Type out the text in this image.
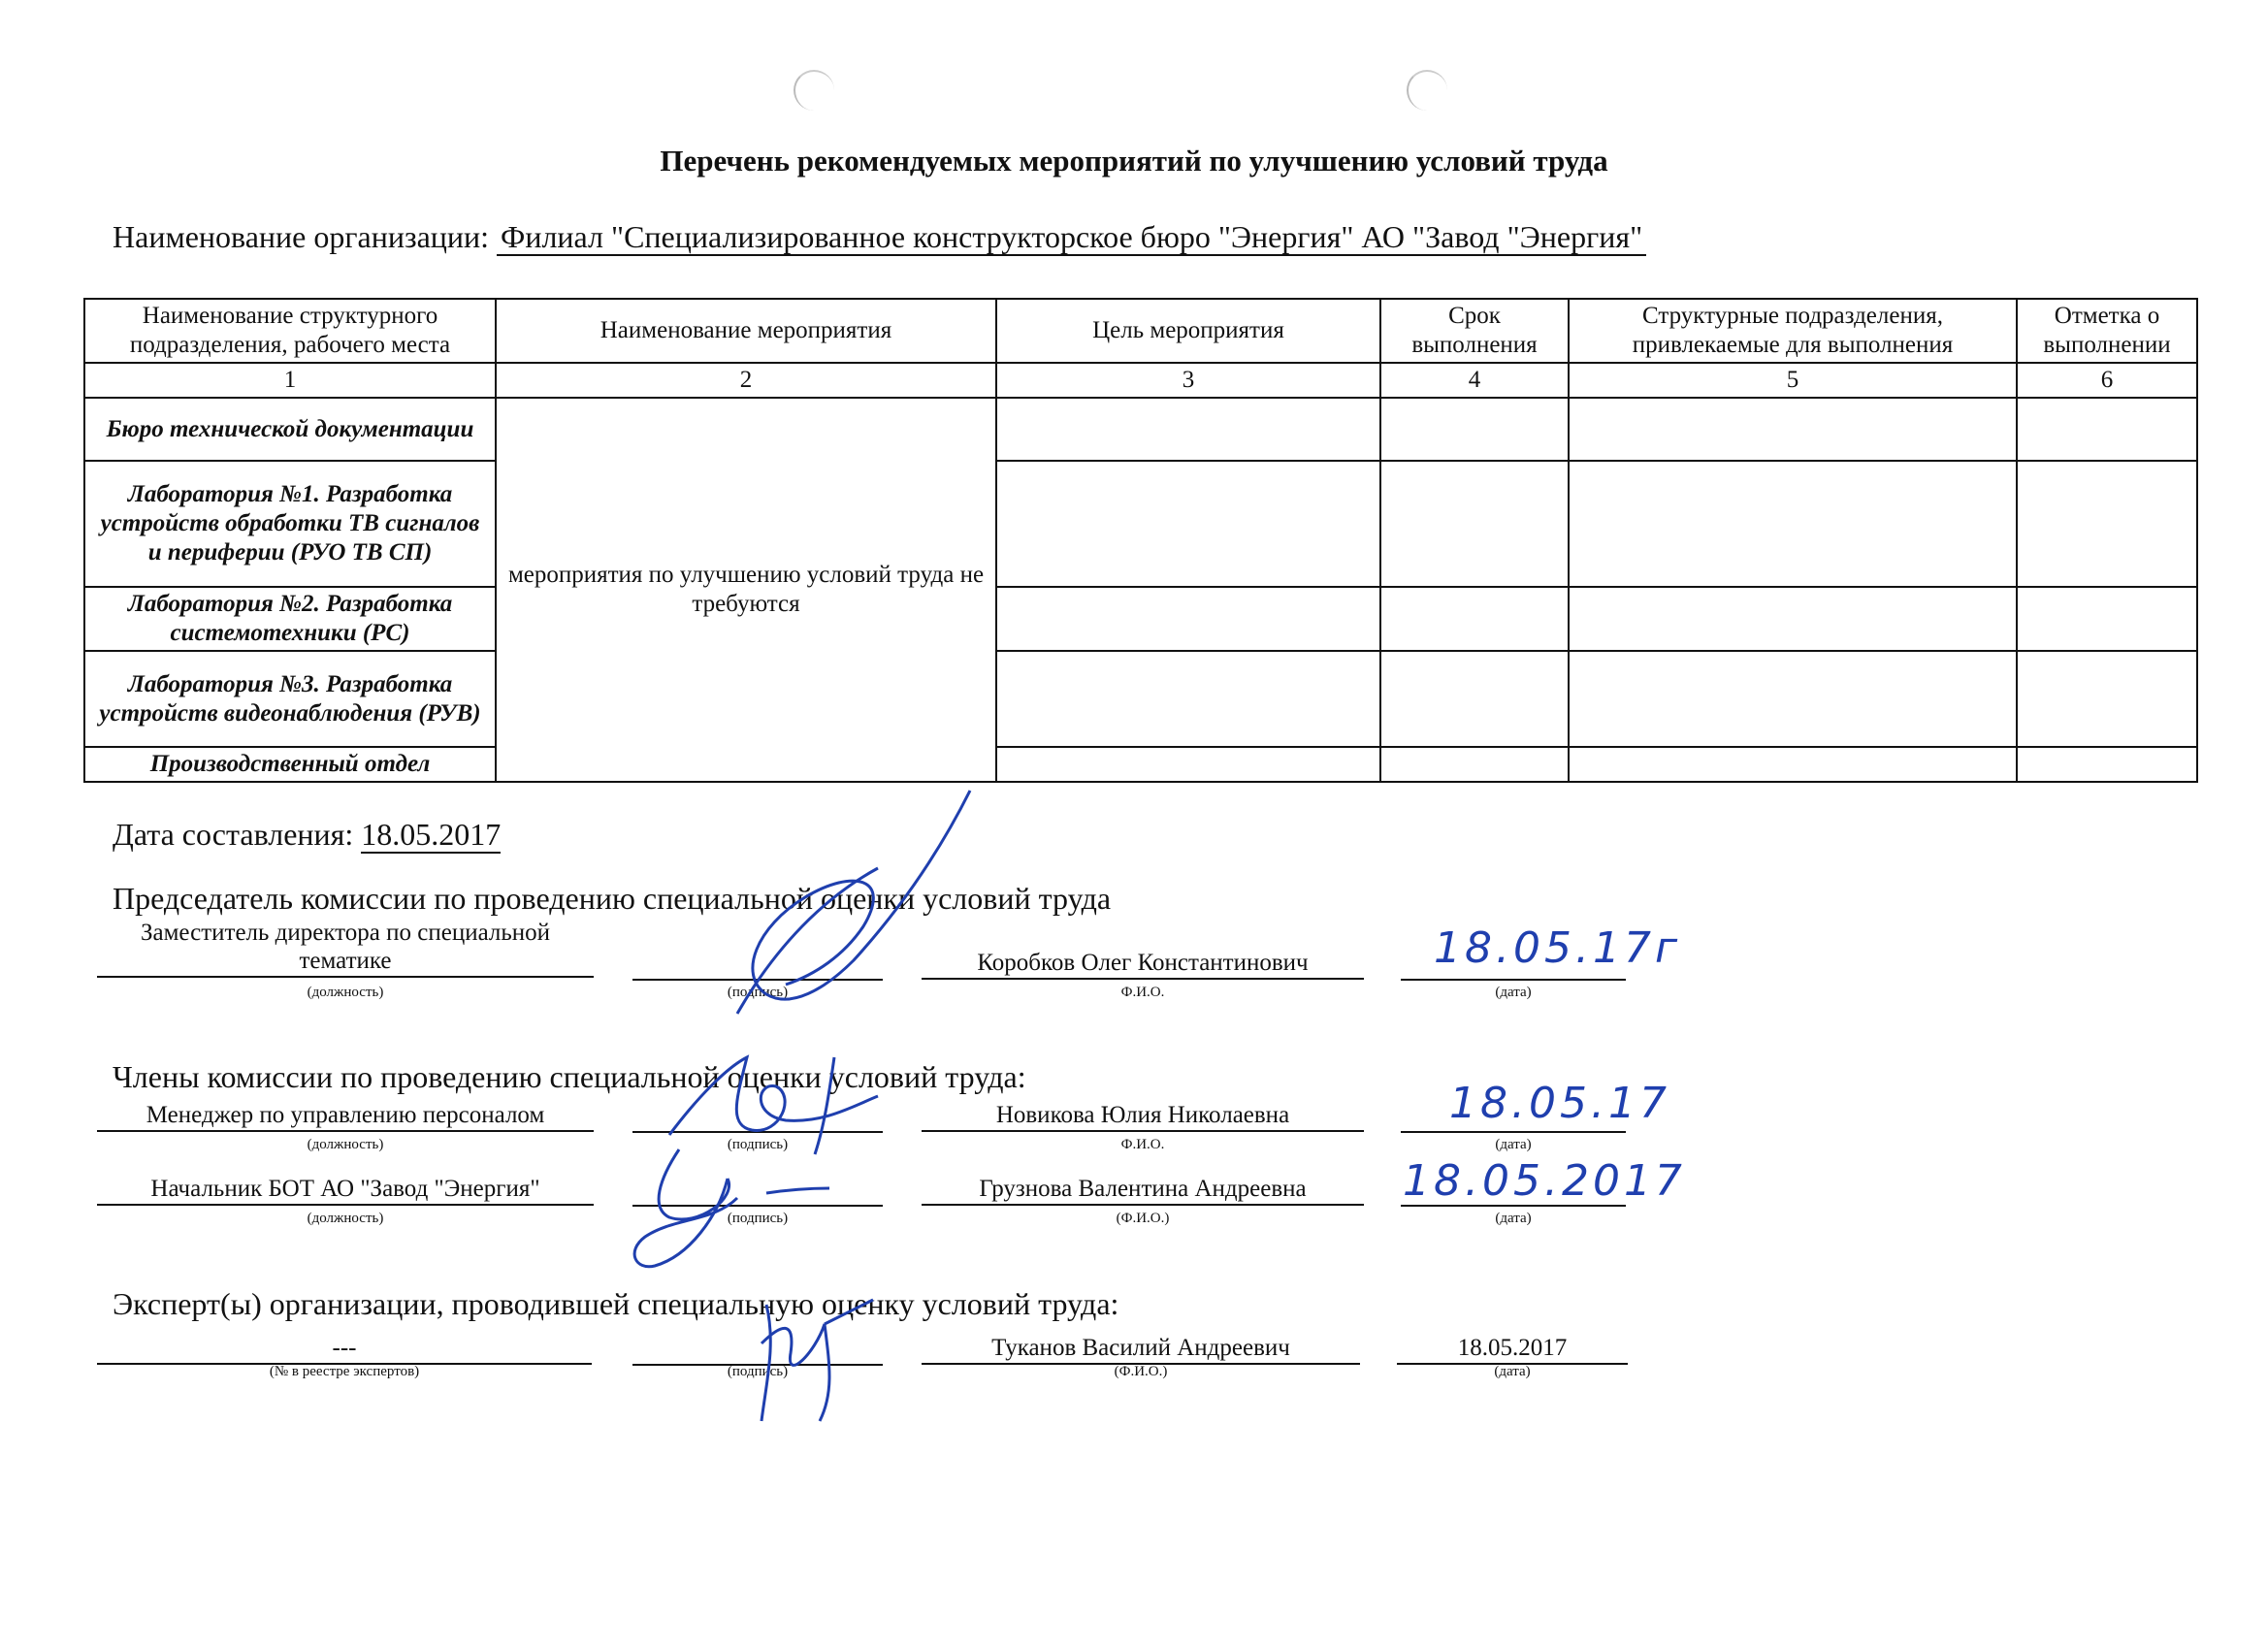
Перечень рекомендуемых мероприятий по улучшению условий труда
Наименование организации: Филиал "Специализированное конструкторское бюро "Энергия" АО "Завод "Энергия"
Наименование структурного подразделения, рабочего места	Наименование мероприятия	Цель мероприятия	Срок выполнения	Структурные подразделения, привлекаемые для выполнения	Отметка о выполнении
1	2	3	4	5	6
Бюро технической документации	мероприятия по улучшению условий труда не требуются				
Лаборатория №1. Разработка устройств обработки ТВ сигналов и периферии (РУО ТВ СП)					
Лаборатория №2. Разработка системотехники (РС)					
Лаборатория №3. Разработка устройств видеонаблюдения (РУВ)					
Производственный отдел					
Дата составления: 18.05.2017
Председатель комиссии по проведению специальной оценки условий труда
Заместитель директора по специальной тематике	Коробков Олег Константинович	18.05.17г
(должность)	(подпись)	Ф.И.О.	(дата)
Члены комиссии по проведению специальной оценки условий труда:
Менеджер по управлению персоналом	Новикова Юлия Николаевна	18.05.17
(должность)	(подпись)	Ф.И.О.	(дата)
Начальник БОТ АО "Завод "Энергия"	Грузнова Валентина Андреевна	18.05.2017
(должность)	(подпись)	(Ф.И.О.)	(дата)
Эксперт(ы) организации, проводившей специальную оценку условий труда:
---	Туканов Василий Андреевич	18.05.2017
(№ в реестре экспертов)	(подпись)	(Ф.И.О.)	(дата)
